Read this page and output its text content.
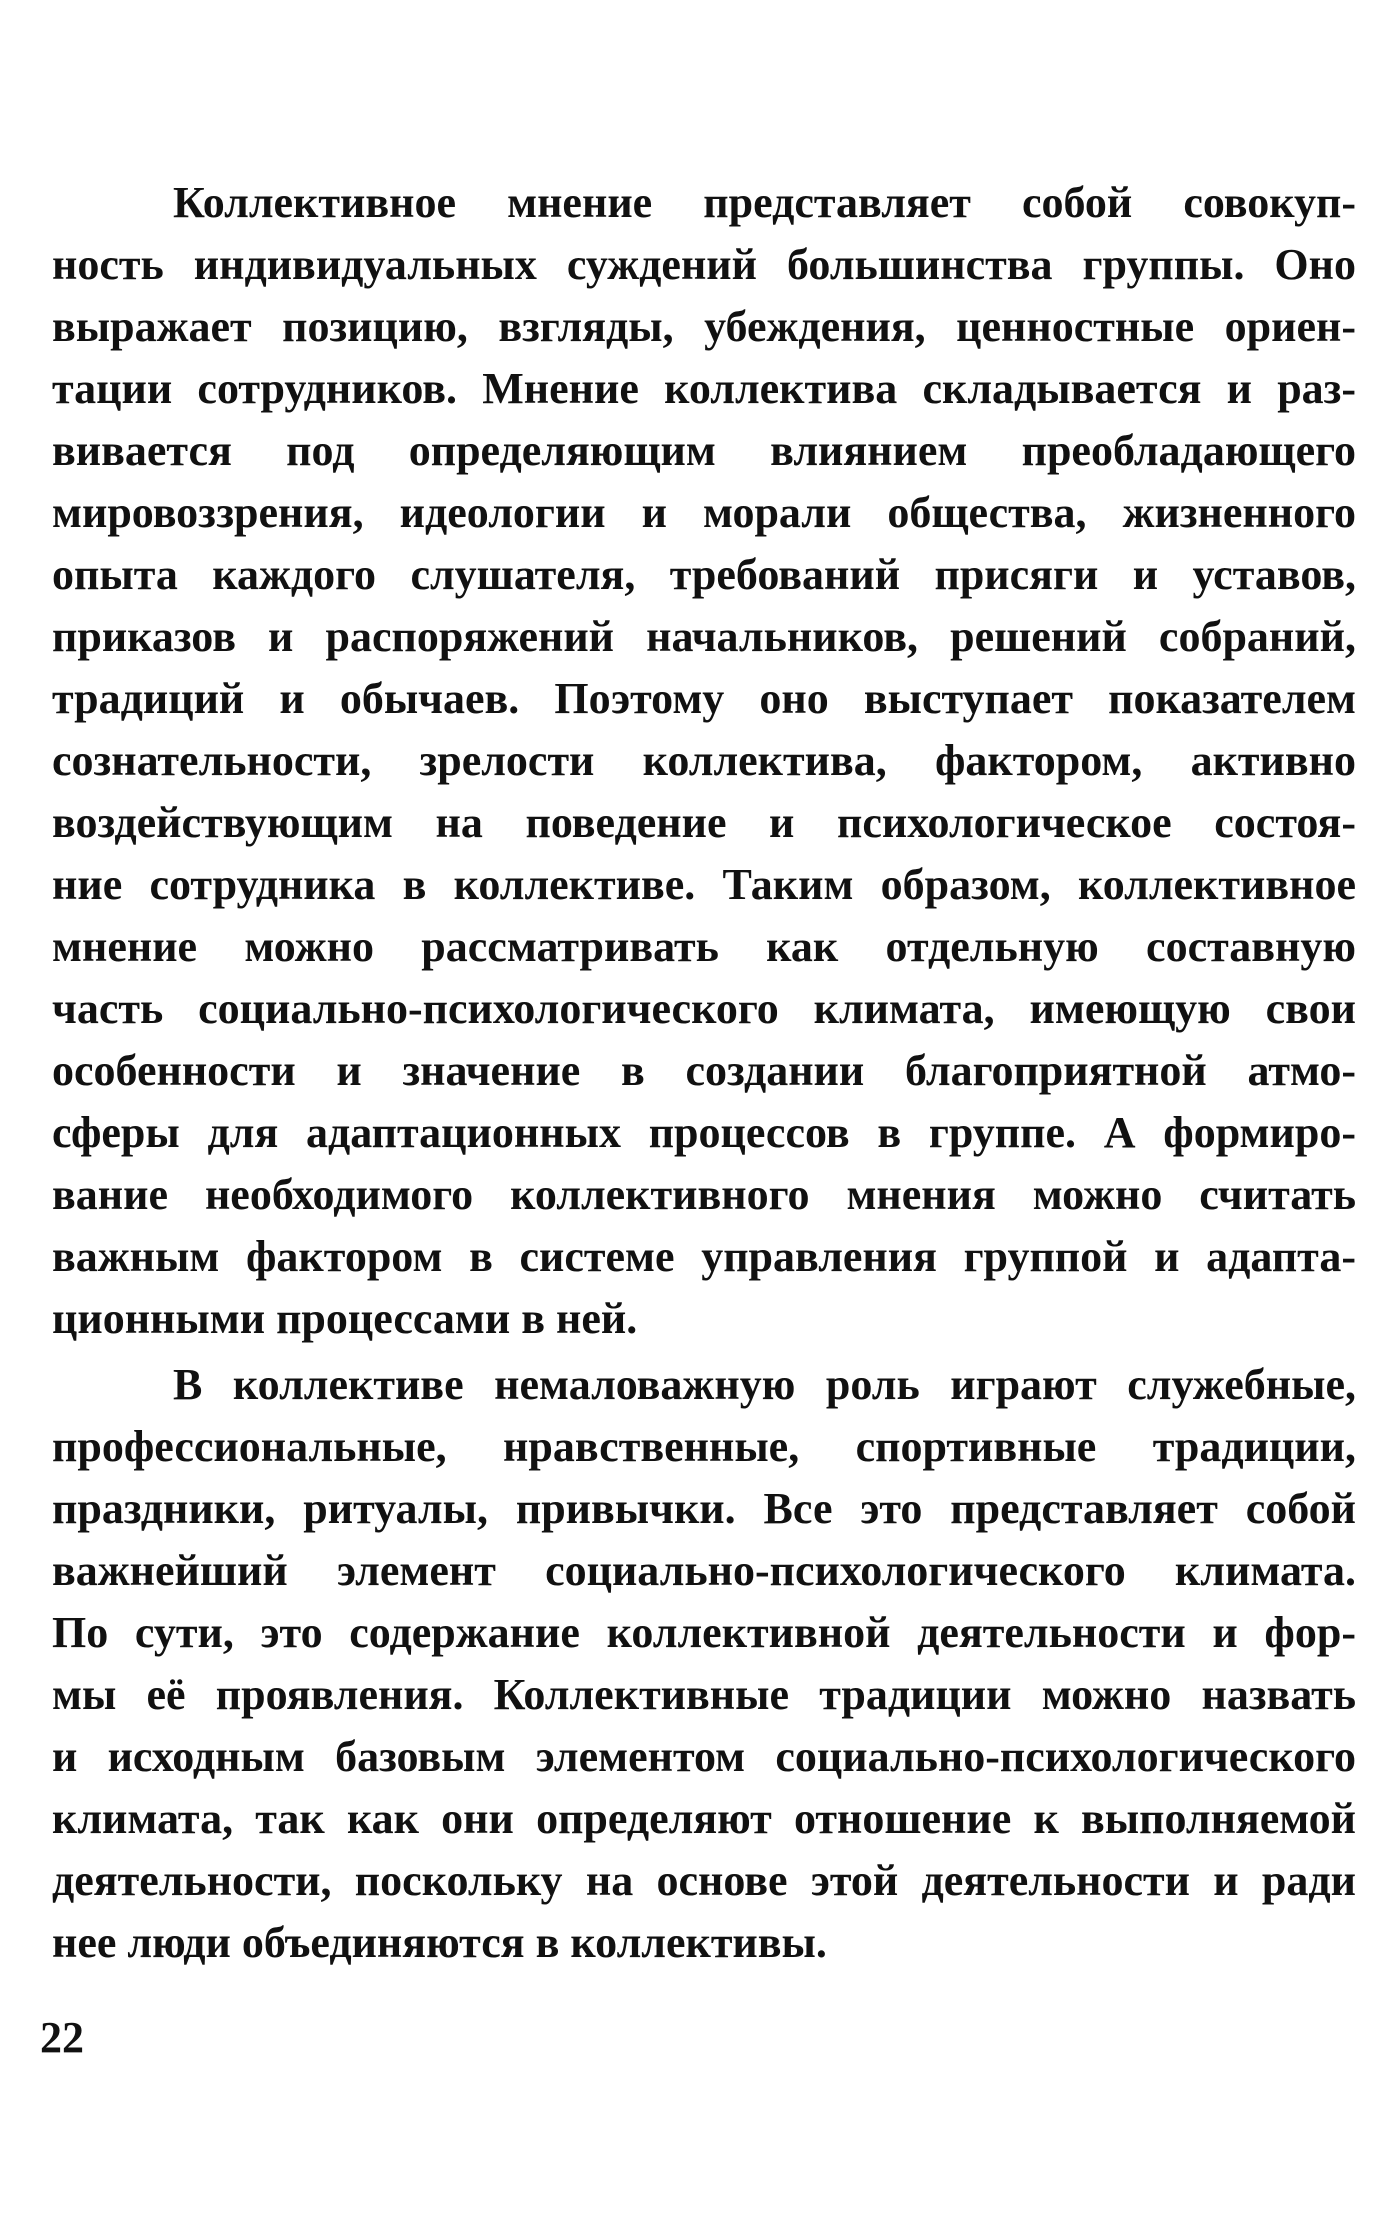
Коллективное мнение представляет собой совокуп-
ность индивидуальных суждений большинства группы. Оно
выражает позицию, взгляды, убеждения, ценностные ориен-
тации сотрудников. Мнение коллектива складывается и раз-
вивается под определяющим влиянием преобладающего
мировоззрения, идеологии и морали общества, жизненного
опыта каждого слушателя, требований присяги и уставов,
приказов и распоряжений начальников, решений собраний,
традиций и обычаев. Поэтому оно выступает показателем
сознательности, зрелости коллектива, фактором, активно
воздействующим на поведение и психологическое состоя-
ние сотрудника в коллективе. Таким образом, коллективное
мнение можно рассматривать как отдельную составную
часть социально-психологического климата, имеющую свои
особенности и значение в создании благоприятной атмо-
сферы для адаптационных процессов в группе. А формиро-
вание необходимого коллективного мнения можно считать
важным фактором в системе управления группой и адапта-
ционными процессами в ней.
В коллективе немаловажную роль играют служебные,
профессиональные, нравственные, спортивные традиции,
праздники, ритуалы, привычки. Все это представляет собой
важнейший элемент социально-психологического климата.
По сути, это содержание коллективной деятельности и фор-
мы её проявления. Коллективные традиции можно назвать
и исходным базовым элементом социально-психологического
климата, так как они определяют отношение к выполняемой
деятельности, поскольку на основе этой деятельности и ради
нее люди объединяются в коллективы.
22
